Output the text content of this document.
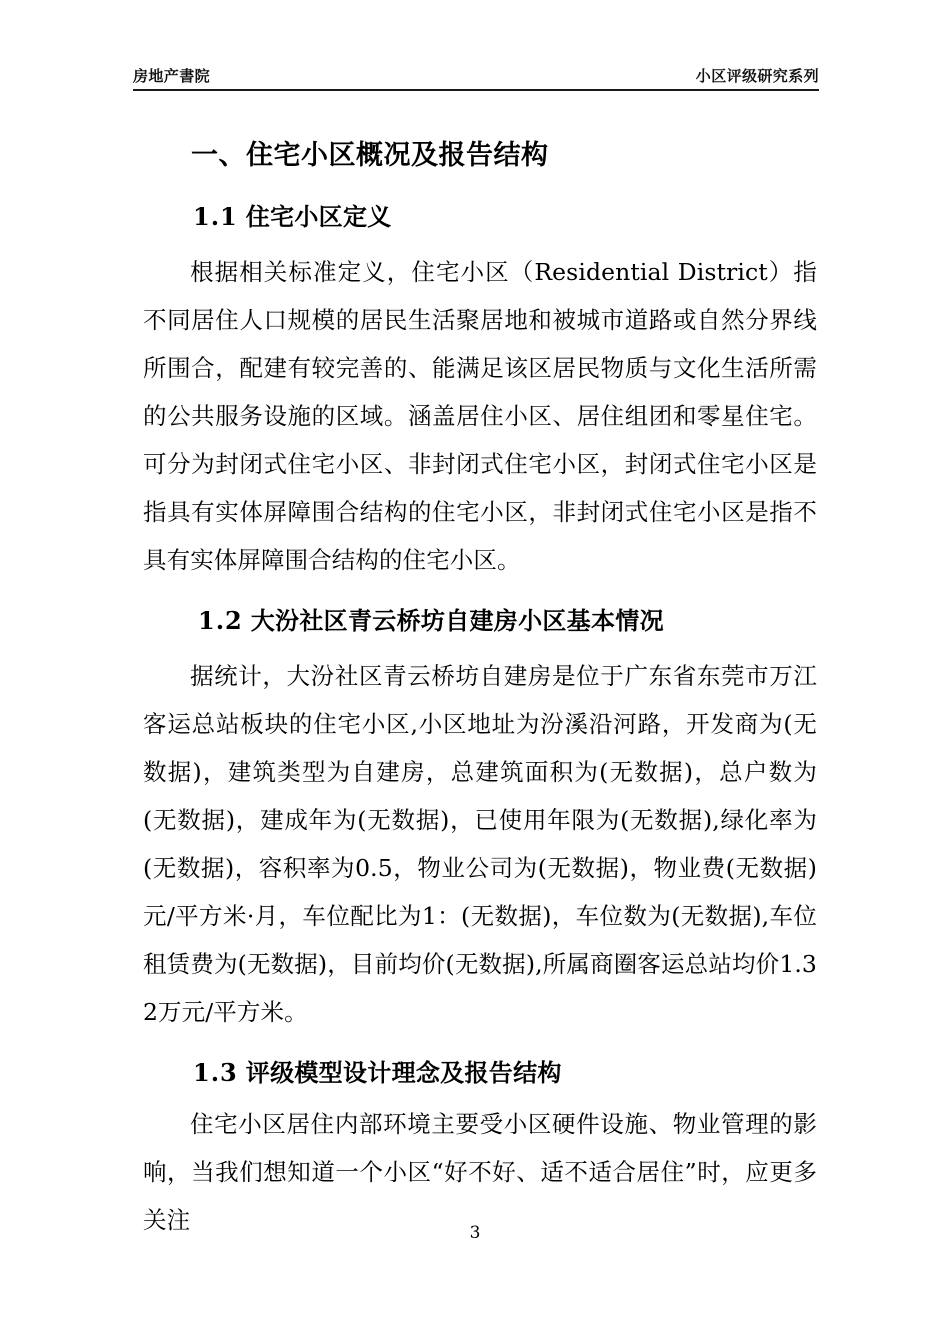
房地产書院	小区评级研究系列
一、住宅小区概况及报告结构
1.1 住宅小区定义

根据相关标准定义，住宅小区（Residential District）指不同居住人口规模的居民生活聚居地和被城市道路或自然分界线所围合，配建有较完善的、能满足该区居民物质与文化生活所需的公共服务设施的区域。涵盖居住小区、居住组团和零星住宅。可分为封闭式住宅小区、非封闭式住宅小区，封闭式住宅小区是指具有实体屏障围合结构的住宅小区，非封闭式住宅小区是指不具有实体屏障围合结构的住宅小区。

1.2 大汾社区青云桥坊自建房小区基本情况

据统计，大汾社区青云桥坊自建房是位于广东省东莞市万江客运总站板块的住宅小区,小区地址为汾溪沿河路，开发商为(无数据)，建筑类型为自建房，总建筑面积为(无数据)，总户数为(无数据)，建成年为(无数据)，已使用年限为(无数据),绿化率为(无数据)，容积率为0.5，物业公司为(无数据)，物业费(无数据)元/平方米·月，车位配比为1：(无数据)，车位数为(无数据),车位租赁费为(无数据)，目前均价(无数据),所属商圈客运总站均价1.32万元/平方米。

1.3 评级模型设计理念及报告结构

住宅小区居住内部环境主要受小区硬件设施、物业管理的影响，当我们想知道一个小区“好不好、适不适合居住”时，应更多关注	3
